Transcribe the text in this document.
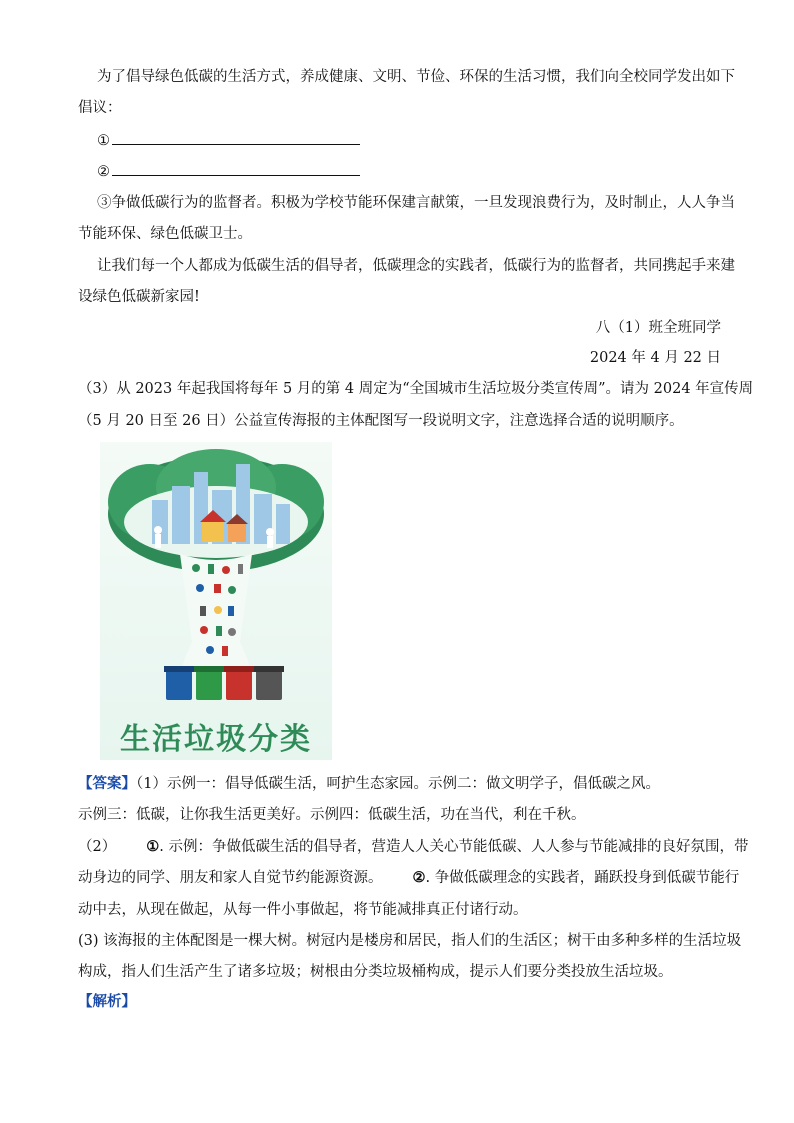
为了倡导绿色低碳的生活方式，养成健康、文明、节俭、环保的生活习惯，我们向全校同学发出如下
倡议：
①
②
③争做低碳行为的监督者。积极为学校节能环保建言献策，一旦发现浪费行为，及时制止，人人争当
节能环保、绿色低碳卫士。
让我们每一个人都成为低碳生活的倡导者，低碳理念的实践者，低碳行为的监督者，共同携起手来建
设绿色低碳新家园!
八（1）班全班同学
2024 年 4 月 22 日
（3）从 2023 年起我国将每年 5 月的第 4 周定为“全国城市生活垃圾分类宣传周”。请为 2024 年宣传周
（5 月 20 日至 26 日）公益宣传海报的主体配图写一段说明文字，注意选择合适的说明顺序。
生活垃圾分类
【答案】（1）示例一：倡导低碳生活，呵护生态家园。示例二：做文明学子，倡低碳之风。
示例三：低碳，让你我生活更美好。示例四：低碳生活，功在当代，利在千秋。
（2） ①. 示例：争做低碳生活的倡导者，营造人人关心节能低碳、人人参与节能减排的良好氛围，带
动身边的同学、朋友和家人自觉节约能源资源。 ②. 争做低碳理念的实践者，踊跃投身到低碳节能行
动中去，从现在做起，从每一件小事做起，将节能减排真正付诸行动。
(3) 该海报的主体配图是一棵大树。树冠内是楼房和居民，指人们的生活区；树干由多种多样的生活垃圾
构成，指人们生活产生了诸多垃圾；树根由分类垃圾桶构成，提示人们要分类投放生活垃圾。
【解析】
